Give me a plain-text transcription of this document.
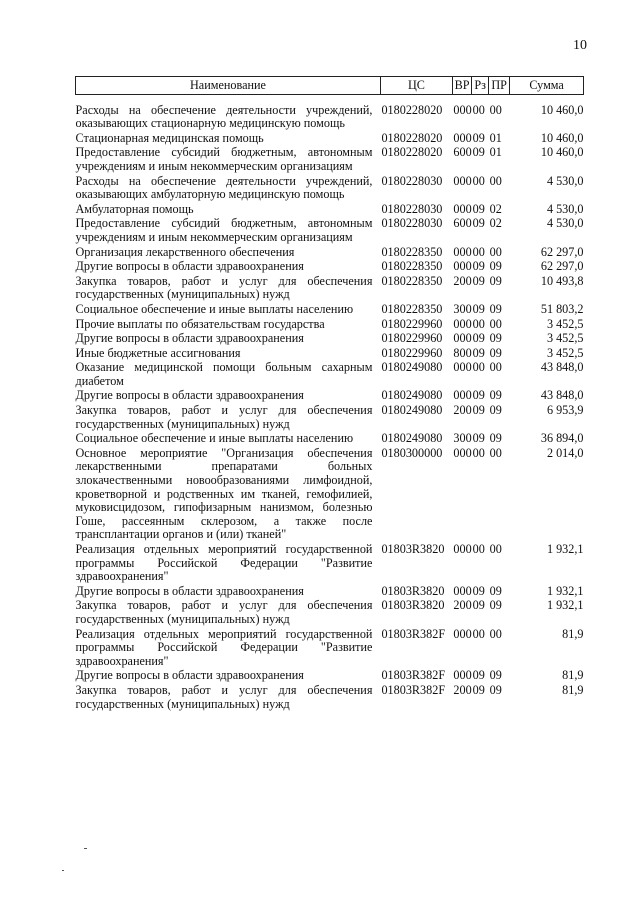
10
Наименование	ЦС	ВР	Рз	ПР	Сумма

Расходы на обеспечение деятельности учреждений, оказывающих стационарную медицинскую помощь	0180228020	000	00	00	10 460,0
Стационарная медицинская помощь	0180228020	000	09	01	10 460,0
Предоставление субсидий бюджетным, автономным учреждениям и иным некоммерческим организациям	0180228020	600	09	01	10 460,0
Расходы на обеспечение деятельности учреждений, оказывающих амбулаторную медицинскую помощь	0180228030	000	00	00	4 530,0
Амбулаторная помощь	0180228030	000	09	02	4 530,0
Предоставление субсидий бюджетным, автономным учреждениям и иным некоммерческим организациям	0180228030	600	09	02	4 530,0
Организация лекарственного обеспечения	0180228350	000	00	00	62 297,0
Другие вопросы в области здравоохранения	0180228350	000	09	09	62 297,0
Закупка товаров, работ и услуг для обеспечения государственных (муниципальных) нужд	0180228350	200	09	09	10 493,8
Социальное обеспечение и иные выплаты населению	0180228350	300	09	09	51 803,2
Прочие выплаты по обязательствам государства	0180229960	000	00	00	3 452,5
Другие вопросы в области здравоохранения	0180229960	000	09	09	3 452,5
Иные бюджетные ассигнования	0180229960	800	09	09	3 452,5
Оказание медицинской помощи больным сахарным диабетом	0180249080	000	00	00	43 848,0
Другие вопросы в области здравоохранения	0180249080	000	09	09	43 848,0
Закупка товаров, работ и услуг для обеспечения государственных (муниципальных) нужд	0180249080	200	09	09	6 953,9
Социальное обеспечение и иные выплаты населению	0180249080	300	09	09	36 894,0
Основное мероприятие "Организация обеспечения лекарственными препаратами больных злокачественными новообразованиями лимфоидной, кроветворной и родственных им тканей, гемофилией, муковисцидозом, гипофизарным нанизмом, болезнью Гоше, рассеянным склерозом, а также после трансплантации органов и (или) тканей"	0180300000	000	00	00	2 014,0
Реализация отдельных мероприятий государственной программы Российской Федерации "Развитие здравоохранения"	01803R3820	000	00	00	1 932,1
Другие вопросы в области здравоохранения	01803R3820	000	09	09	1 932,1
Закупка товаров, работ и услуг для обеспечения государственных (муниципальных) нужд	01803R3820	200	09	09	1 932,1
Реализация отдельных мероприятий государственной программы Российской Федерации "Развитие здравоохранения"	01803R382F	000	00	00	81,9
Другие вопросы в области здравоохранения	01803R382F	000	09	09	81,9
Закупка товаров, работ и услуг для обеспечения государственных (муниципальных) нужд	01803R382F	200	09	09	81,9
